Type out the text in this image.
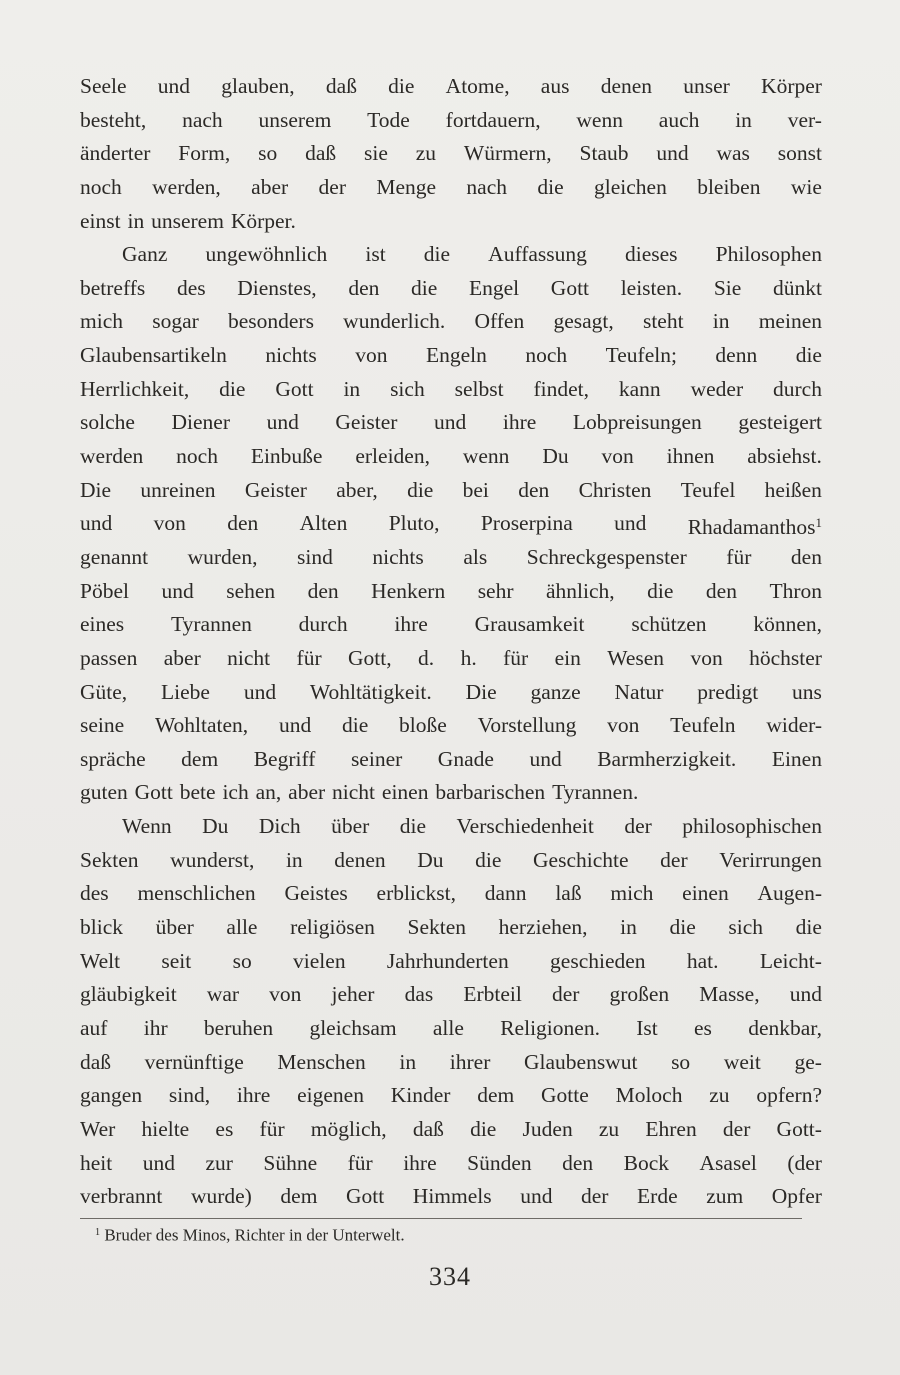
Seele und glauben, daß die Atome, aus denen unser Körper
besteht, nach unserem Tode fortdauern, wenn auch in ver-
änderter Form, so daß sie zu Würmern, Staub und was sonst
noch werden, aber der Menge nach die gleichen bleiben wie
einst in unserem Körper.
Ganz ungewöhnlich ist die Auffassung dieses Philosophen
betreffs des Dienstes, den die Engel Gott leisten. Sie dünkt
mich sogar besonders wunderlich. Offen gesagt, steht in meinen
Glaubensartikeln nichts von Engeln noch Teufeln; denn die
Herrlichkeit, die Gott in sich selbst findet, kann weder durch
solche Diener und Geister und ihre Lobpreisungen gesteigert
werden noch Einbuße erleiden, wenn Du von ihnen absiehst.
Die unreinen Geister aber, die bei den Christen Teufel heißen
und von den Alten Pluto, Proserpina und Rhadamanthos$^1$
genannt wurden, sind nichts als Schreckgespenster für den
Pöbel und sehen den Henkern sehr ähnlich, die den Thron
eines Tyrannen durch ihre Grausamkeit schützen können,
passen aber nicht für Gott, d. h. für ein Wesen von höchster
Güte, Liebe und Wohltätigkeit. Die ganze Natur predigt uns
seine Wohltaten, und die bloße Vorstellung von Teufeln wider-
spräche dem Begriff seiner Gnade und Barmherzigkeit. Einen
guten Gott bete ich an, aber nicht einen barbarischen Tyrannen.
Wenn Du Dich über die Verschiedenheit der philosophischen
Sekten wunderst, in denen Du die Geschichte der Verirrungen
des menschlichen Geistes erblickst, dann laß mich einen Augen-
blick über alle religiösen Sekten herziehen, in die sich die
Welt seit so vielen Jahrhunderten geschieden hat. Leicht-
gläubigkeit war von jeher das Erbteil der großen Masse, und
auf ihr beruhen gleichsam alle Religionen. Ist es denkbar,
daß vernünftige Menschen in ihrer Glaubenswut so weit ge-
gangen sind, ihre eigenen Kinder dem Gotte Moloch zu opfern?
Wer hielte es für möglich, daß die Juden zu Ehren der Gott-
heit und zur Sühne für ihre Sünden den Bock Asasel (der
verbrannt wurde) dem Gott Himmels und der Erde zum Opfer
$^1$ Bruder des Minos, Richter in der Unterwelt.
334
